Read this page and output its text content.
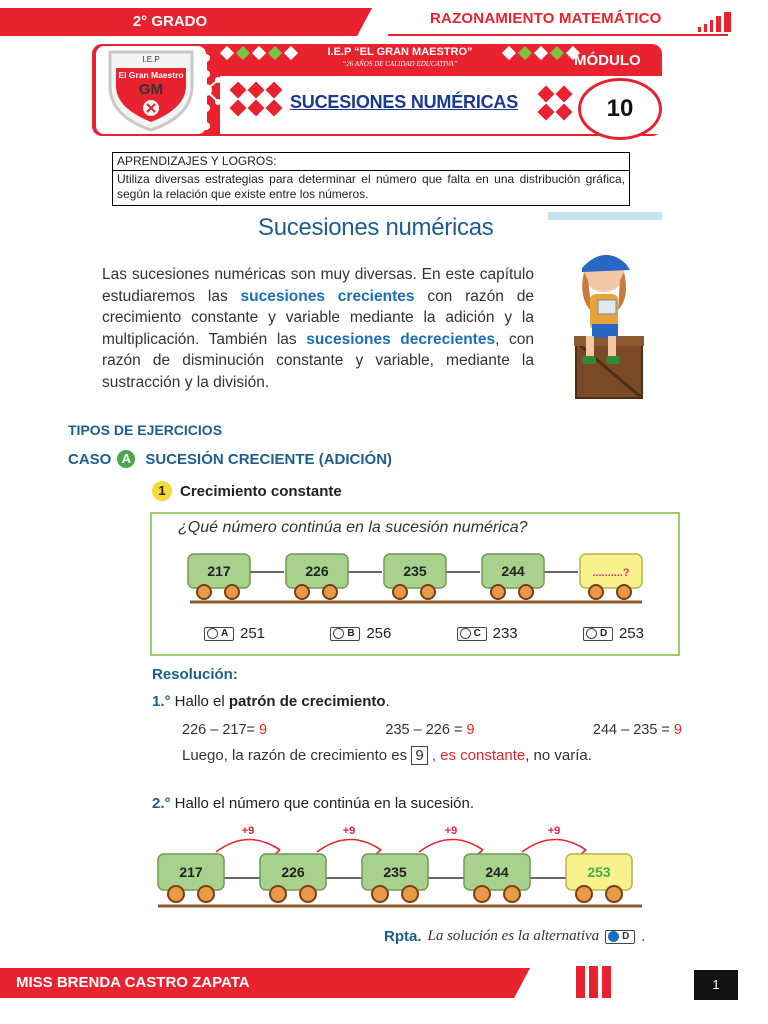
2° GRADO	RAZONAMIENTO MATEMÁTICO
I.E.P
El Gran Maestro
GM
I.E.P “EL GRAN MAESTRO”
“26 AÑOS DE CALIDAD EDUCATIVA”	MÓDULO
SUCESIONES NUMÉRICAS	10
APRENDIZAJES Y LOGROS:
Utiliza diversas estrategias para determinar el número que falta en una distribución gráfica, según la relación que existe entre los números.
Sucesiones numéricas
Las sucesiones numéricas son muy diversas. En este capítulo estudiaremos las sucesiones crecientes con razón de crecimiento constante y variable mediante la adición y la multiplicación. También las sucesiones decrecientes, con razón de disminución constante y variable, mediante la sustracción y la división.
TIPOS DE EJERCICIOS
CASO A SUCESIÓN CRECIENTE (ADICIÓN)
1 Crecimiento constante
¿Qué número continúa en la sucesión numérica?
217	226	235	244	..........?
A 251	B 256	C 233	D 253
Resolución:
1.° Hallo el patrón de crecimiento.
226 – 217= 9	235 – 226 = 9	244 – 235 = 9
Luego, la razón de crecimiento es 9 , es constante, no varía.
2.° Hallo el número que continúa en la sucesión.
+9	+9	+9	+9
217	226	235	244	253
Rpta. La solución es la alternativa D .
MISS BRENDA CASTRO ZAPATA	1
